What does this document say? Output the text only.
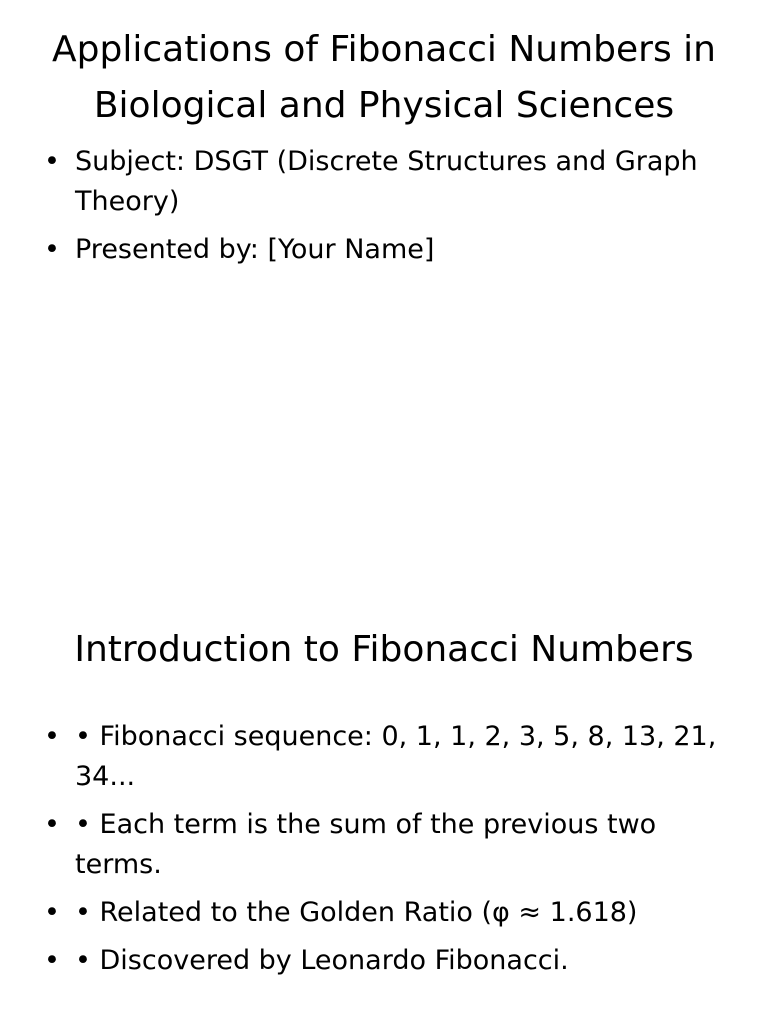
Applications of Fibonacci Numbers in Biological and Physical Sciences
• Subject: DSGT (Discrete Structures and Graph Theory)
• Presented by: [Your Name]
Introduction to Fibonacci Numbers
• • Fibonacci sequence: 0, 1, 1, 2, 3, 5, 8, 13, 21, 34...
• • Each term is the sum of the previous two terms.
• • Related to the Golden Ratio (φ ≈ 1.618)
• • Discovered by Leonardo Fibonacci.
